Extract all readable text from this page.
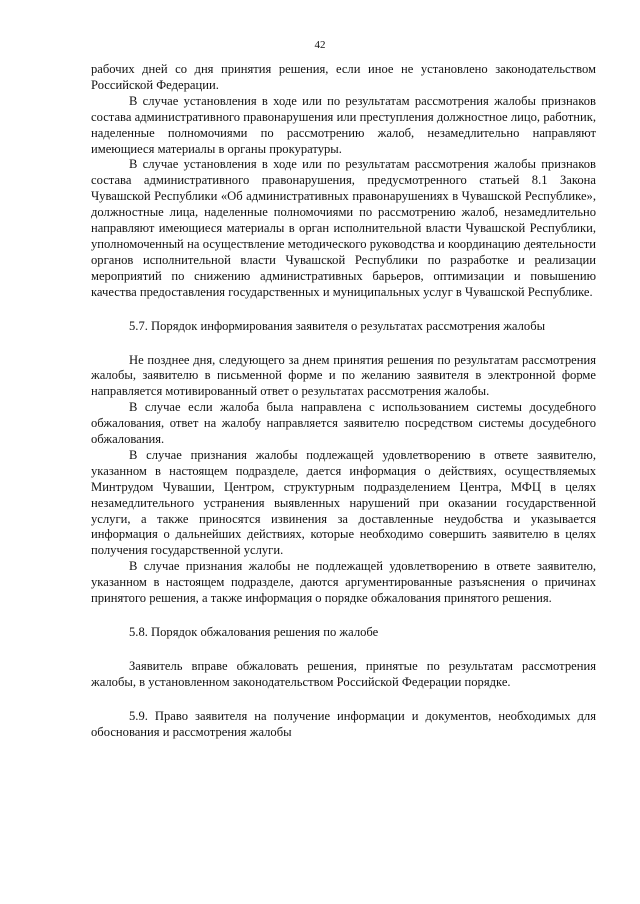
42

рабочих дней со дня принятия решения, если иное не установлено законодательством Российской Федерации.

В случае установления в ходе или по результатам рассмотрения жалобы признаков состава административного правонарушения или преступления должностное лицо, работник, наделенные полномочиями по рассмотрению жалоб, незамедлительно направляют имеющиеся материалы в органы прокуратуры.

В случае установления в ходе или по результатам рассмотрения жалобы признаков состава административного правонарушения, предусмотренного статьей 8.1 Закона Чувашской Республики «Об административных правонарушениях в Чувашской Республике», должностные лица, наделенные полномочиями по рассмотрению жалоб, незамедлительно направляют имеющиеся материалы в орган исполнительной власти Чувашской Республики, уполномоченный на осуществление методического руководства и координацию деятельности органов исполнительной власти Чувашской Республики по разработке и реализации мероприятий по снижению административных барьеров, оптимизации и повышению качества предоставления государственных и муниципальных услуг в Чувашской Республике.

5.7. Порядок информирования заявителя о результатах рассмотрения жалобы

Не позднее дня, следующего за днем принятия решения по результатам рассмотрения жалобы, заявителю в письменной форме и по желанию заявителя в электронной форме направляется мотивированный ответ о результатах рассмотрения жалобы.

В случае если жалоба была направлена с использованием системы досудебного обжалования, ответ на жалобу направляется заявителю посредством системы досудебного обжалования.

В случае признания жалобы подлежащей удовлетворению в ответе заявителю, указанном в настоящем подразделе, дается информация о действиях, осуществляемых Минтрудом Чувашии, Центром, структурным подразделением Центра, МФЦ в целях незамедлительного устранения выявленных нарушений при оказании государственной услуги, а также приносятся извинения за доставленные неудобства и указывается информация о дальнейших действиях, которые необходимо совершить заявителю в целях получения государственной услуги.

В случае признания жалобы не подлежащей удовлетворению в ответе заявителю, указанном в настоящем подразделе, даются аргументированные разъяснения о причинах принятого решения, а также информация о порядке обжалования принятого решения.

5.8. Порядок обжалования решения по жалобе

Заявитель вправе обжаловать решения, принятые по результатам рассмотрения жалобы, в установленном законодательством Российской Федерации порядке.

5.9. Право заявителя на получение информации и документов, необходимых для обоснования и рассмотрения жалобы
